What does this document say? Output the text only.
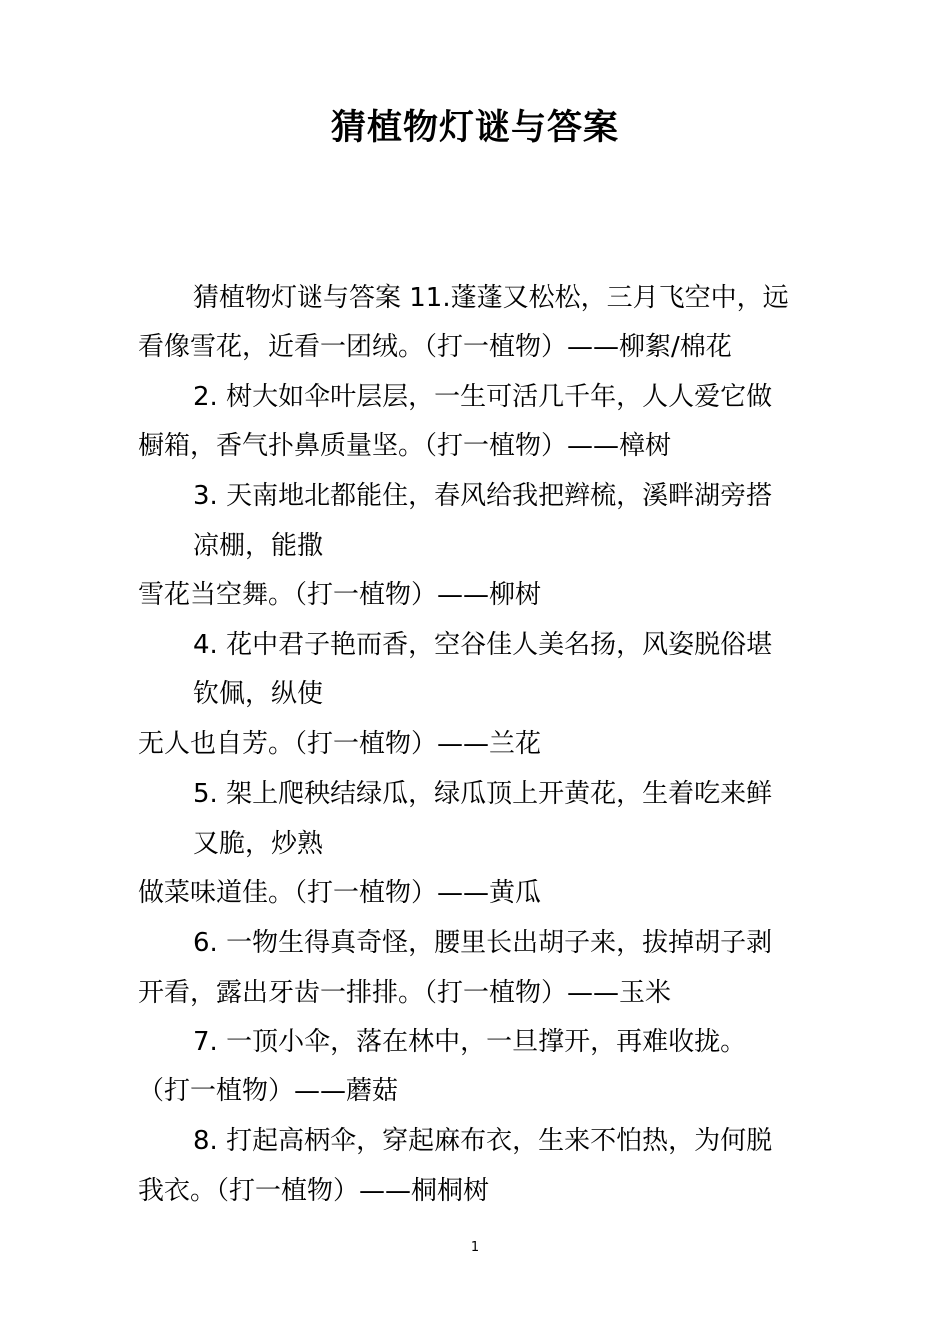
猜植物灯谜与答案

猜植物灯谜与答案 11.蓬蓬又松松，三月飞空中，远

看像雪花，近看一团绒。（打一植物）——柳絮/棉花

2. 树大如伞叶层层，一生可活几千年，人人爱它做

橱箱，香气扑鼻质量坚。（打一植物）——樟树

3. 天南地北都能住，春风给我把辫梳，溪畔湖旁搭

凉棚，能撒

雪花当空舞。（打一植物）——柳树

4. 花中君子艳而香，空谷佳人美名扬，风姿脱俗堪

钦佩，纵使

无人也自芳。（打一植物）——兰花

5. 架上爬秧结绿瓜，绿瓜顶上开黄花，生着吃来鲜

又脆，炒熟

做菜味道佳。（打一植物）——黄瓜

6. 一物生得真奇怪，腰里长出胡子来，拔掉胡子剥

开看，露出牙齿一排排。（打一植物）——玉米

7. 一顶小伞，落在林中，一旦撑开，再难收拢。

（打一植物）——蘑菇

8. 打起高柄伞，穿起麻布衣，生来不怕热，为何脱

我衣。（打一植物）——桐桐树

1
